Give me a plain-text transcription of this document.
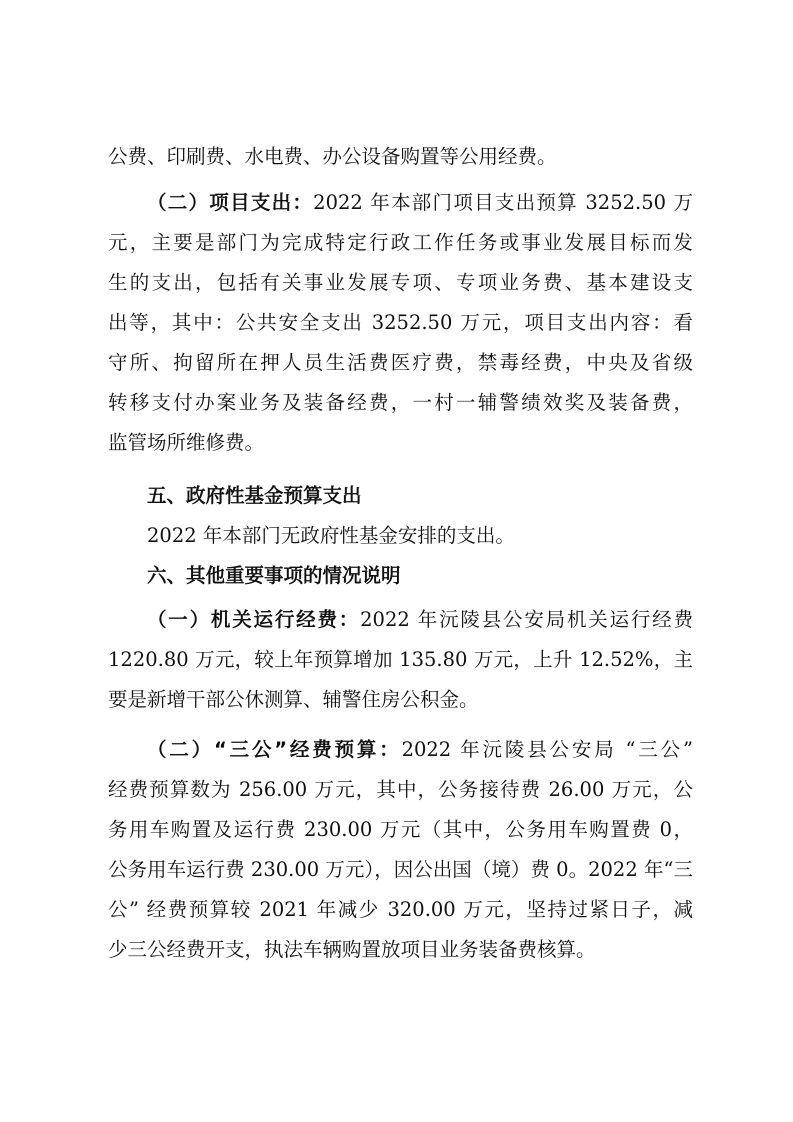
公费、印刷费、水电费、办公设备购置等公用经费。
（二）项目支出：2022 年本部门项目支出预算 3252.50 万
元，主要是部门为完成特定行政工作任务或事业发展目标而发
生的支出，包括有关事业发展专项、专项业务费、基本建设支
出等，其中：公共安全支出 3252.50 万元，项目支出内容：看
守所、拘留所在押人员生活费医疗费，禁毒经费，中央及省级
转移支付办案业务及装备经费，一村一辅警绩效奖及装备费，
监管场所维修费。
五、政府性基金预算支出
2022 年本部门无政府性基金安排的支出。
六、其他重要事项的情况说明
（一）机关运行经费：2022 年沅陵县公安局机关运行经费
1220.80 万元，较上年预算增加 135.80 万元，上升 12.52%，主
要是新增干部公休测算、辅警住房公积金。
（二）“三公”经费预算：2022 年沅陵县公安局 “三公”
经费预算数为 256.00 万元，其中，公务接待费 26.00 万元，公
务用车购置及运行费 230.00 万元（其中，公务用车购置费 0，
公务用车运行费 230.00 万元），因公出国（境）费 0。2022 年“三
公” 经费预算较 2021 年减少 320.00 万元，坚持过紧日子，减
少三公经费开支，执法车辆购置放项目业务装备费核算。
